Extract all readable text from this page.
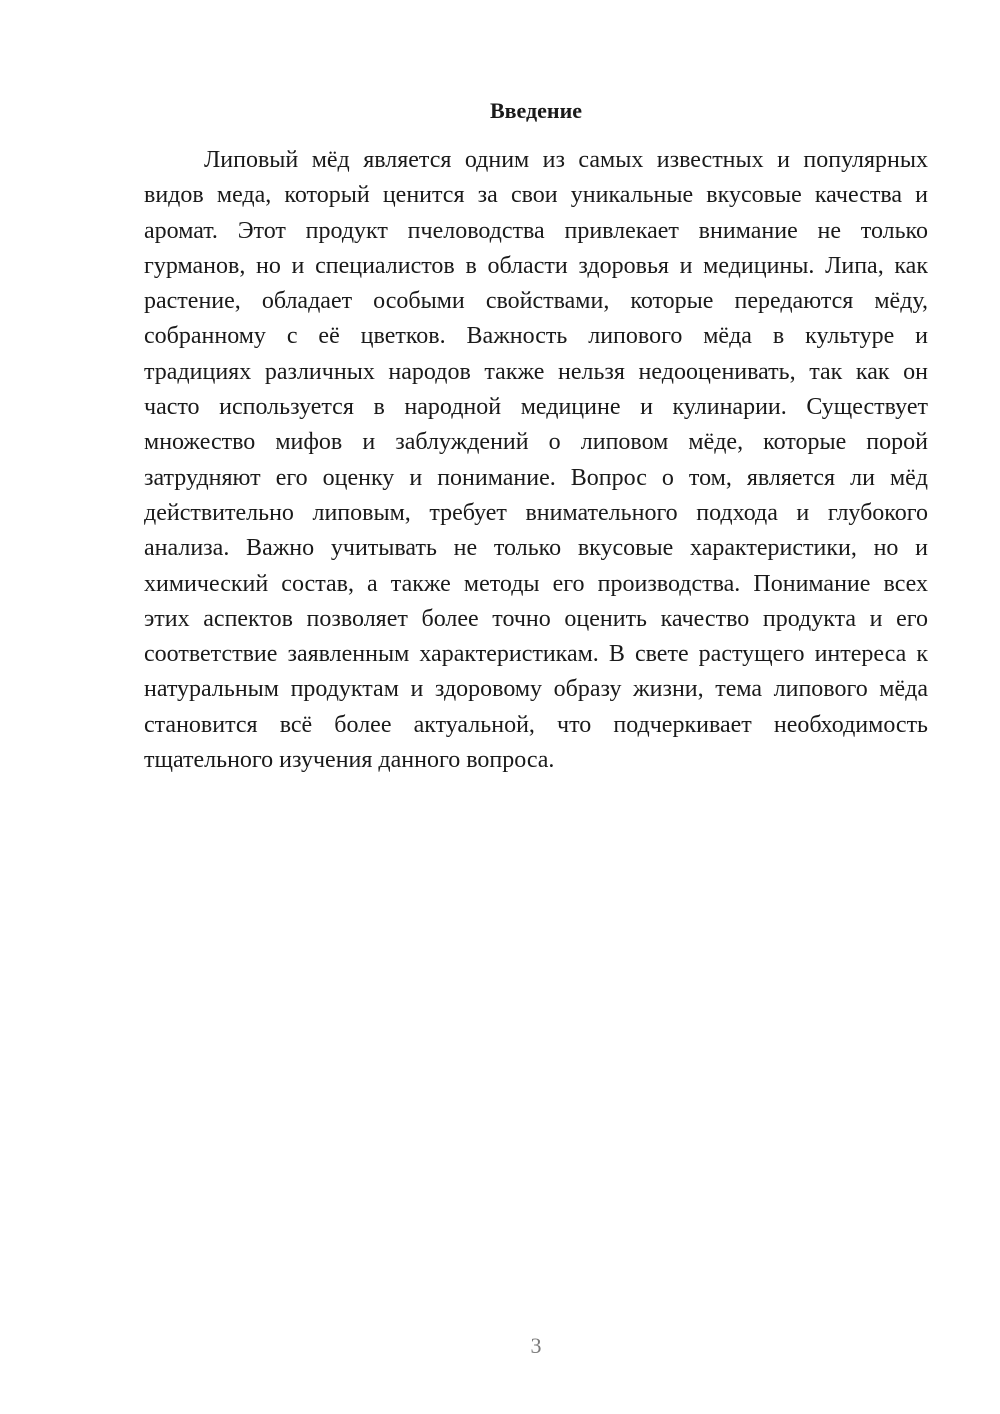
Введение
Липовый мёд является одним из самых известных и популярных
видов меда, который ценится за свои уникальные вкусовые качества и
аромат. Этот продукт пчеловодства привлекает внимание не только
гурманов, но и специалистов в области здоровья и медицины. Липа, как
растение, обладает особыми свойствами, которые передаются мёду,
собранному с её цветков. Важность липового мёда в культуре и
традициях различных народов также нельзя недооценивать, так как он
часто используется в народной медицине и кулинарии. Существует
множество мифов и заблуждений о липовом мёде, которые порой
затрудняют его оценку и понимание. Вопрос о том, является ли мёд
действительно липовым, требует внимательного подхода и глубокого
анализа. Важно учитывать не только вкусовые характеристики, но и
химический состав, а также методы его производства. Понимание всех
этих аспектов позволяет более точно оценить качество продукта и его
соответствие заявленным характеристикам. В свете растущего интереса к
натуральным продуктам и здоровому образу жизни, тема липового мёда
становится всё более актуальной, что подчеркивает необходимость
тщательного изучения данного вопроса.
3
